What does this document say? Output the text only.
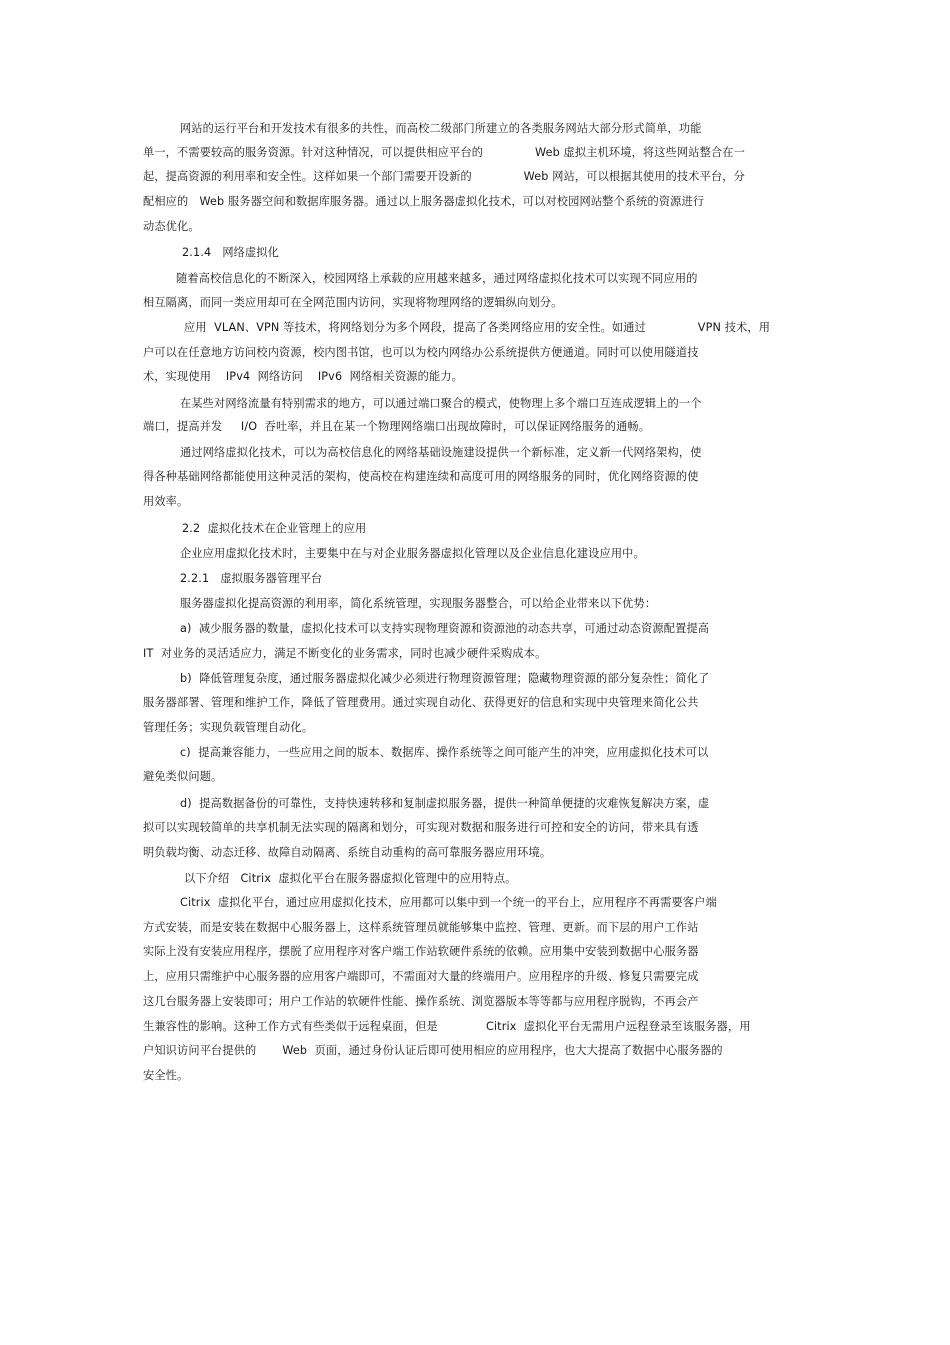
网站的运行平台和开发技术有很多的共性，而高校二级部门所建立的各类服务网站大部分形式简单，功能
单一，不需要较高的服务资源。针对这种情况，可以提供相应平台的              Web 虚拟主机环境，将这些网站整合在一
起，提高资源的利用率和安全性。这样如果一个部门需要开设新的              Web 网站，可以根据其使用的技术平台，分
配相应的   Web 服务器空间和数据库服务器。通过以上服务器虚拟化技术，可以对校园网站整个系统的资源进行
动态优化。
2.1.4   网络虚拟化
随着高校信息化的不断深入，校园网络上承载的应用越来越多，通过网络虚拟化技术可以实现不同应用的
相互隔离，而同一类应用却可在全网范围内访问，实现将物理网络的逻辑纵向划分。
应用  VLAN、VPN 等技术，将网络划分为多个网段，提高了各类网络应用的安全性。如通过              VPN 技术，用
户可以在任意地方访问校内资源，校内图书馆，也可以为校内网络办公系统提供方便通道。同时可以使用隧道技
术，实现使用    IPv4  网络访问    IPv6  网络相关资源的能力。
在某些对网络流量有特别需求的地方，可以通过端口聚合的模式，使物理上多个端口互连成逻辑上的一个
端口，提高并发     I/O  吞吐率，并且在某一个物理网络端口出现故障时，可以保证网络服务的通畅。
通过网络虚拟化技术，可以为高校信息化的网络基础设施建设提供一个新标准，定义新一代网络架构，使
得各种基础网络都能使用这种灵活的架构，使高校在构建连续和高度可用的网络服务的同时，优化网络资源的使
用效率。
2.2  虚拟化技术在企业管理上的应用
企业应用虚拟化技术时，主要集中在与对企业服务器虚拟化管理以及企业信息化建设应用中。
2.2.1   虚拟服务器管理平台
服务器虚拟化提高资源的利用率，简化系统管理，实现服务器整合，可以给企业带来以下优势：
a)  减少服务器的数量，虚拟化技术可以支持实现物理资源和资源池的动态共享，可通过动态资源配置提高
IT  对业务的灵活适应力，满足不断变化的业务需求，同时也减少硬件采购成本。
b)  降低管理复杂度，通过服务器虚拟化减少必须进行物理资源管理；隐藏物理资源的部分复杂性；简化了
服务器部署、管理和维护工作，降低了管理费用。通过实现自动化、获得更好的信息和实现中央管理来简化公共
管理任务；实现负载管理自动化。
c)  提高兼容能力，一些应用之间的版本、数据库、操作系统等之间可能产生的冲突，应用虚拟化技术可以
避免类似问题。
d)  提高数据备份的可靠性，支持快速转移和复制虚拟服务器，提供一种简单便捷的灾难恢复解决方案，虚
拟可以实现较简单的共享机制无法实现的隔离和划分，可实现对数据和服务进行可控和安全的访问，带来具有透
明负载均衡、动态迁移、故障自动隔离、系统自动重构的高可靠服务器应用环境。
以下介绍   Citrix  虚拟化平台在服务器虚拟化管理中的应用特点。
Citrix  虚拟化平台，通过应用虚拟化技术，应用都可以集中到一个统一的平台上，应用程序不再需要客户端
方式安装，而是安装在数据中心服务器上，这样系统管理员就能够集中监控、管理、更新。而下层的用户工作站
实际上没有安装应用程序，摆脱了应用程序对客户端工作站软硬件系统的依赖。应用集中安装到数据中心服务器
上，应用只需维护中心服务器的应用客户端即可，不需面对大量的终端用户。应用程序的升级、修复只需要完成
这几台服务器上安装即可；用户工作站的软硬件性能、操作系统、浏览器版本等等都与应用程序脱钩，不再会产
生兼容性的影响。这种工作方式有些类似于远程桌面，但是             Citrix  虚拟化平台无需用户远程登录至该服务器，用
户知识访问平台提供的       Web  页面，通过身份认证后即可使用相应的应用程序，也大大提高了数据中心服务器的
安全性。
